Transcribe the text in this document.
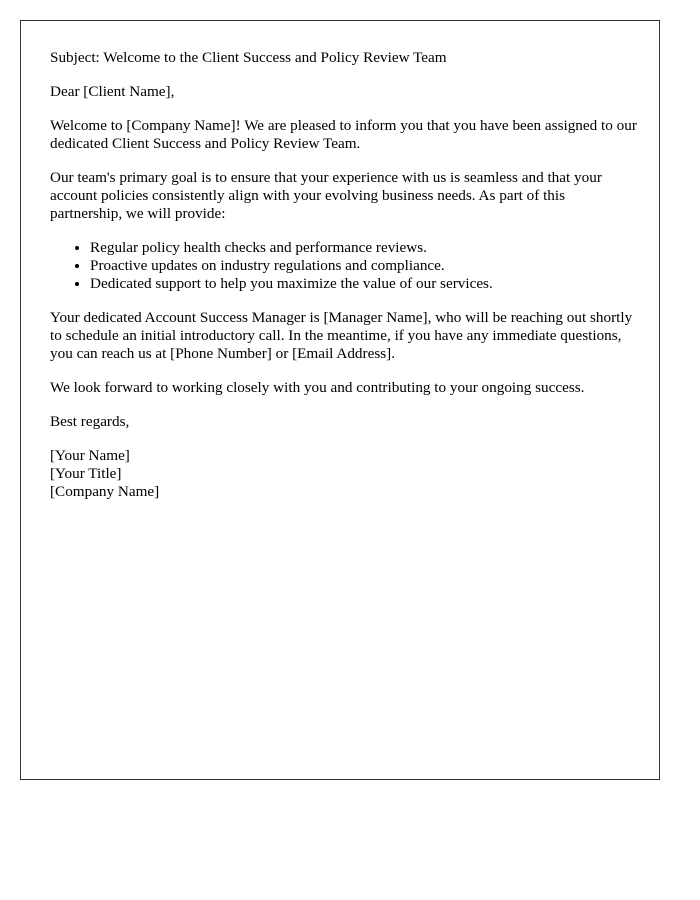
Subject: Welcome to the Client Success and Policy Review Team

Dear [Client Name],

Welcome to [Company Name]! We are pleased to inform you that you have been assigned to our dedicated Client Success and Policy Review Team.

Our team's primary goal is to ensure that your experience with us is seamless and that your account policies consistently align with your evolving business needs. As part of this partnership, we will provide:

• Regular policy health checks and performance reviews.
• Proactive updates on industry regulations and compliance.
• Dedicated support to help you maximize the value of our services.

Your dedicated Account Success Manager is [Manager Name], who will be reaching out shortly to schedule an initial introductory call. In the meantime, if you have any immediate questions, you can reach us at [Phone Number] or [Email Address].

We look forward to working closely with you and contributing to your ongoing success.

Best regards,

[Your Name]
[Your Title]
[Company Name]
